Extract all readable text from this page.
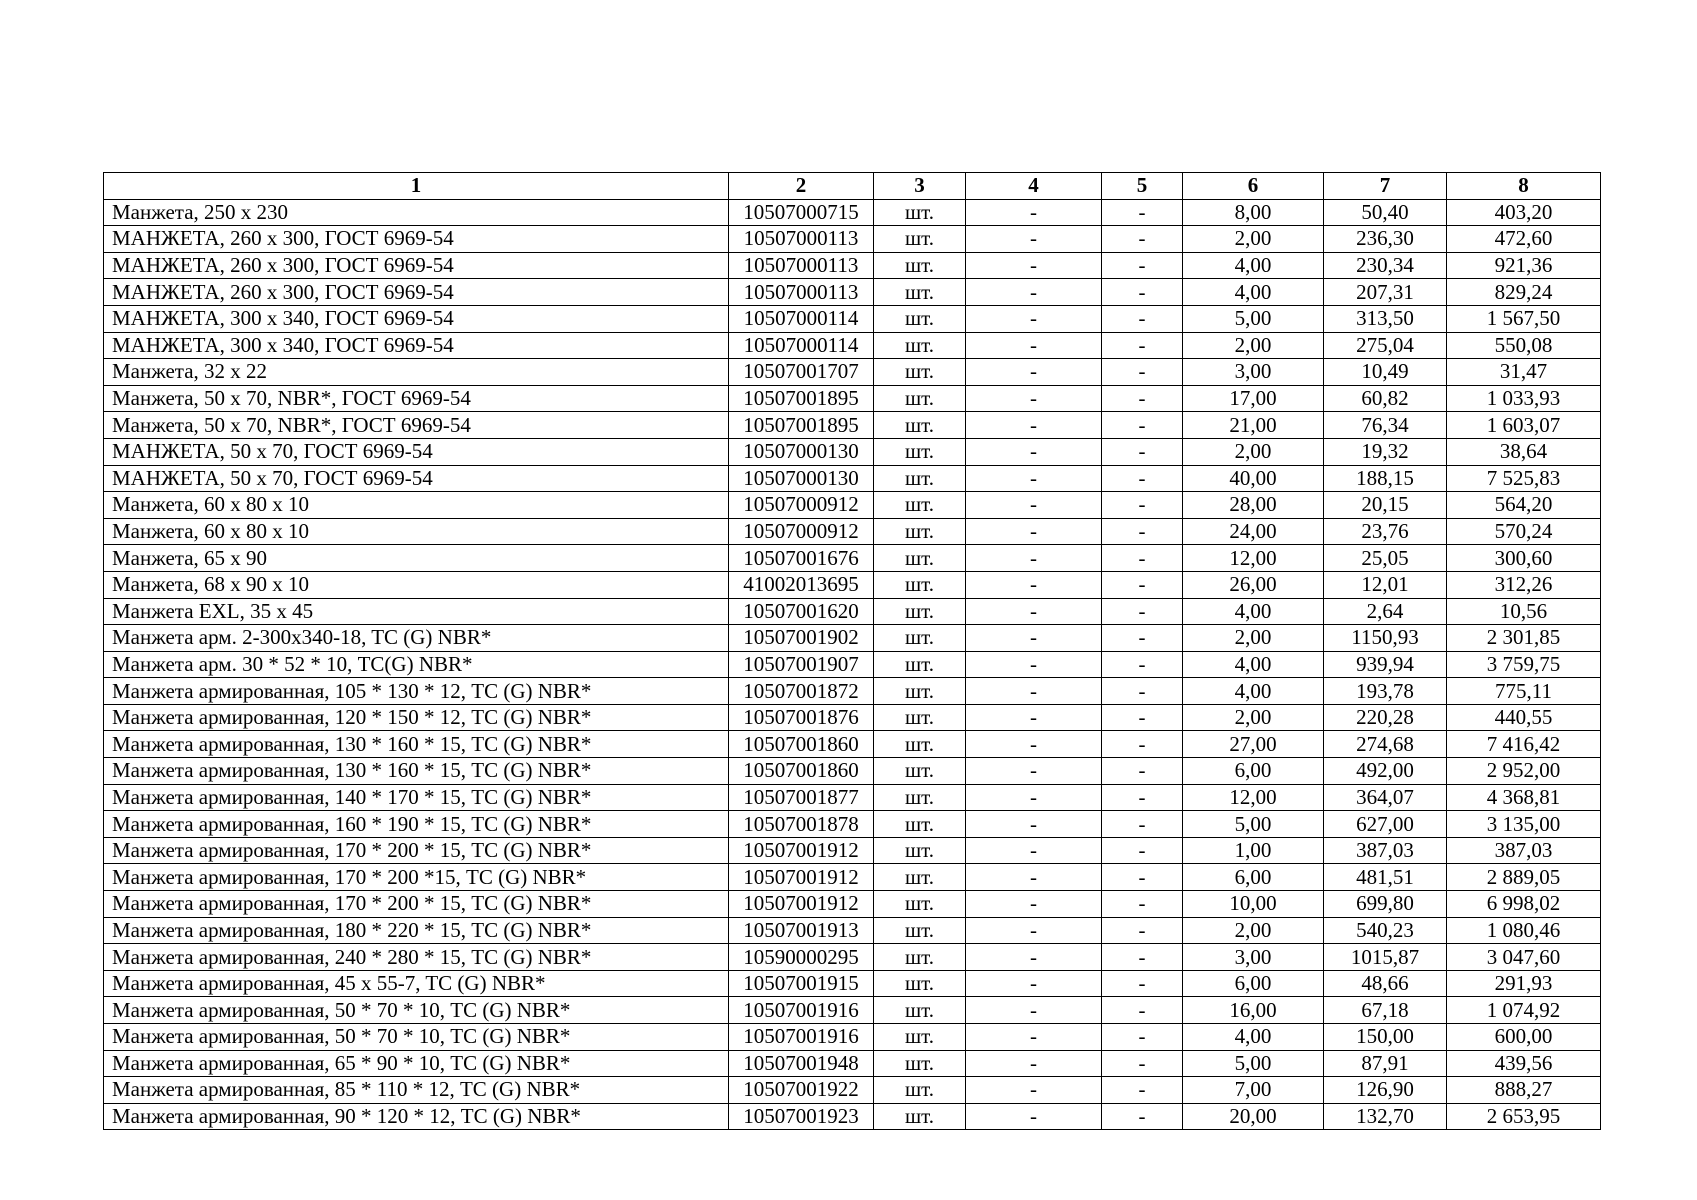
1	2	3	4	5	6	7	8
Манжета, 250 x 230	10507000715	шт.	-	-	8,00	50,40	403,20
МАНЖЕТА, 260 x 300, ГОСТ 6969-54	10507000113	шт.	-	-	2,00	236,30	472,60
МАНЖЕТА, 260 x 300, ГОСТ 6969-54	10507000113	шт.	-	-	4,00	230,34	921,36
МАНЖЕТА, 260 x 300, ГОСТ 6969-54	10507000113	шт.	-	-	4,00	207,31	829,24
МАНЖЕТА, 300 x 340, ГОСТ 6969-54	10507000114	шт.	-	-	5,00	313,50	1 567,50
МАНЖЕТА, 300 x 340, ГОСТ 6969-54	10507000114	шт.	-	-	2,00	275,04	550,08
Манжета, 32 x 22	10507001707	шт.	-	-	3,00	10,49	31,47
Манжета, 50 x 70, NBR*, ГОСТ 6969-54	10507001895	шт.	-	-	17,00	60,82	1 033,93
Манжета, 50 x 70, NBR*, ГОСТ 6969-54	10507001895	шт.	-	-	21,00	76,34	1 603,07
МАНЖЕТА, 50 x 70, ГОСТ 6969-54	10507000130	шт.	-	-	2,00	19,32	38,64
МАНЖЕТА, 50 x 70, ГОСТ 6969-54	10507000130	шт.	-	-	40,00	188,15	7 525,83
Манжета, 60 x 80 x 10	10507000912	шт.	-	-	28,00	20,15	564,20
Манжета, 60 x 80 x 10	10507000912	шт.	-	-	24,00	23,76	570,24
Манжета, 65 x 90	10507001676	шт.	-	-	12,00	25,05	300,60
Манжета, 68 x 90 x 10	41002013695	шт.	-	-	26,00	12,01	312,26
Манжета EXL, 35 x 45	10507001620	шт.	-	-	4,00	2,64	10,56
Манжета арм. 2-300x340-18, TC (G) NBR*	10507001902	шт.	-	-	2,00	1150,93	2 301,85
Манжета арм. 30 * 52 * 10, TC(G) NBR*	10507001907	шт.	-	-	4,00	939,94	3 759,75
Манжета армированная, 105 * 130 * 12, TC (G) NBR*	10507001872	шт.	-	-	4,00	193,78	775,11
Манжета армированная, 120 * 150 * 12, TC (G) NBR*	10507001876	шт.	-	-	2,00	220,28	440,55
Манжета армированная, 130 * 160 * 15, TC (G) NBR*	10507001860	шт.	-	-	27,00	274,68	7 416,42
Манжета армированная, 130 * 160 * 15, TC (G) NBR*	10507001860	шт.	-	-	6,00	492,00	2 952,00
Манжета армированная, 140 * 170 * 15, TC (G) NBR*	10507001877	шт.	-	-	12,00	364,07	4 368,81
Манжета армированная, 160 * 190 * 15, TC (G) NBR*	10507001878	шт.	-	-	5,00	627,00	3 135,00
Манжета армированная, 170 * 200 * 15, TC (G) NBR*	10507001912	шт.	-	-	1,00	387,03	387,03
Манжета армированная, 170 * 200 *15, TC (G) NBR*	10507001912	шт.	-	-	6,00	481,51	2 889,05
Манжета армированная, 170 * 200 * 15, TC (G) NBR*	10507001912	шт.	-	-	10,00	699,80	6 998,02
Манжета армированная, 180 * 220 * 15, TC (G) NBR*	10507001913	шт.	-	-	2,00	540,23	1 080,46
Манжета армированная, 240 * 280 * 15, TC (G) NBR*	10590000295	шт.	-	-	3,00	1015,87	3 047,60
Манжета армированная, 45 x 55-7, TC (G) NBR*	10507001915	шт.	-	-	6,00	48,66	291,93
Манжета армированная, 50 * 70 * 10, TC (G) NBR*	10507001916	шт.	-	-	16,00	67,18	1 074,92
Манжета армированная, 50 * 70 * 10, TC (G) NBR*	10507001916	шт.	-	-	4,00	150,00	600,00
Манжета армированная, 65 * 90 * 10, TC (G) NBR*	10507001948	шт.	-	-	5,00	87,91	439,56
Манжета армированная, 85 * 110 * 12, TC (G) NBR*	10507001922	шт.	-	-	7,00	126,90	888,27
Манжета армированная, 90 * 120 * 12, TC (G) NBR*	10507001923	шт.	-	-	20,00	132,70	2 653,95
